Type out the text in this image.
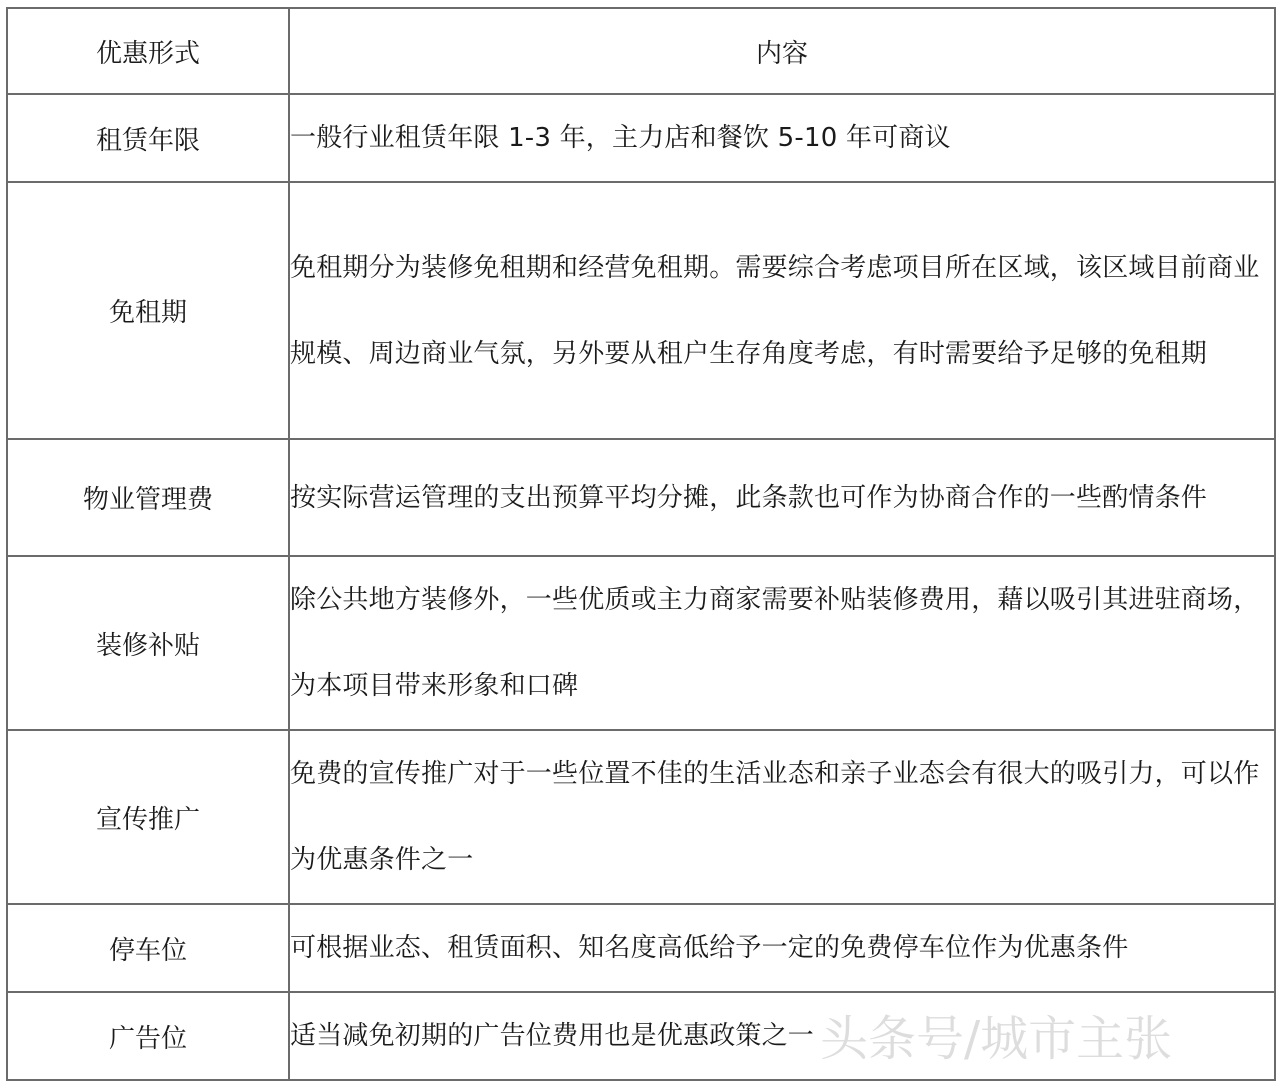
优惠形式	内容
租赁年限	一般行业租赁年限 1-3 年，主力店和餐饮 5-10 年可商议
免租期	免租期分为装修免租期和经营免租期。需要综合考虑项目所在区域，该区域目前商业规模、周边商业气氛，另外要从租户生存角度考虑，有时需要给予足够的免租期
物业管理费	按实际营运管理的支出预算平均分摊，此条款也可作为协商合作的一些酌情条件
装修补贴	除公共地方装修外，一些优质或主力商家需要补贴装修费用，藉以吸引其进驻商场，为本项目带来形象和口碑
宣传推广	免费的宣传推广对于一些位置不佳的生活业态和亲子业态会有很大的吸引力，可以作为优惠条件之一
停车位	可根据业态、租赁面积、知名度高低给予一定的免费停车位作为优惠条件
广告位	适当减免初期的广告位费用也是优惠政策之一 头条号/城市主张
